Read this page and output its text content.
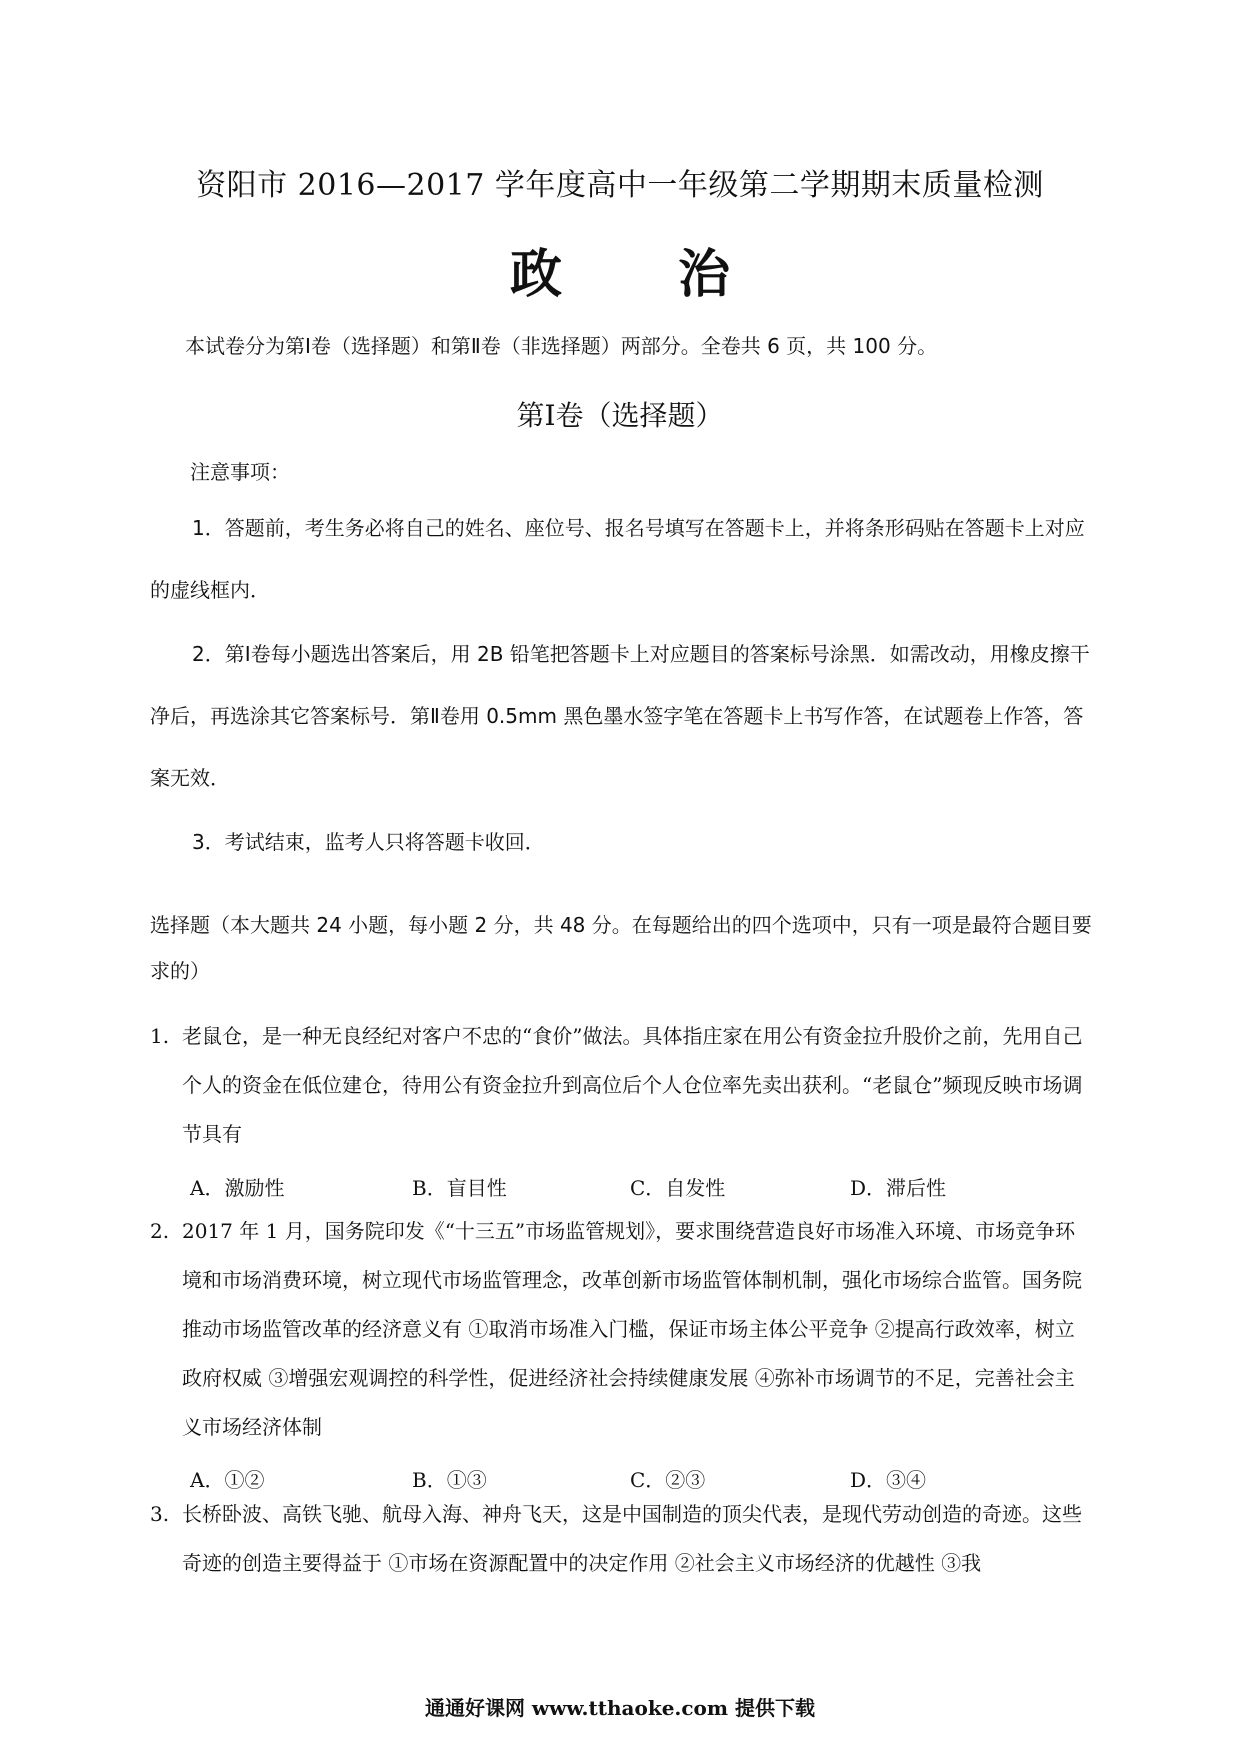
资阳市 2016—2017 学年度高中一年级第二学期期末质量检测
政 治
本试卷分为第Ⅰ卷（选择题）和第Ⅱ卷（非选择题）两部分。全卷共 6 页，共 100 分。
第Ⅰ卷（选择题）
注意事项：
1．答题前，考生务必将自己的姓名、座位号、报名号填写在答题卡上，并将条形码贴在答题卡上对应的虚线框内．
2．第Ⅰ卷每小题选出答案后，用 2B 铅笔把答题卡上对应题目的答案标号涂黑．如需改动，用橡皮擦干净后，再选涂其它答案标号．第Ⅱ卷用 0.5mm 黑色墨水签字笔在答题卡上书写作答，在试题卷上作答，答案无效．
3．考试结束，监考人只将答题卡收回．
选择题（本大题共 24 小题，每小题 2 分，共 48 分。在每题给出的四个选项中，只有一项是最符合题目要求的）
1. 老鼠仓，是一种无良经纪对客户不忠的“食价”做法。具体指庄家在用公有资金拉升股价之前，先用自己个人的资金在低位建仓，待用公有资金拉升到高位后个人仓位率先卖出获利。“老鼠仓”频现反映市场调节具有
A．激励性	B．盲目性	C．自发性	D．滞后性
2. 2017 年 1 月，国务院印发《“十三五”市场监管规划》，要求围绕营造良好市场准入环境、市场竞争环境和市场消费环境，树立现代市场监管理念，改革创新市场监管体制机制，强化市场综合监管。国务院推动市场监管改革的经济意义有 ①取消市场准入门槛，保证市场主体公平竞争 ②提高行政效率，树立政府权威 ③增强宏观调控的科学性，促进经济社会持续健康发展 ④弥补市场调节的不足，完善社会主义市场经济体制
A．①②	B．①③	C．②③	D．③④
3. 长桥卧波、高铁飞驰、航母入海、神舟飞天，这是中国制造的顶尖代表，是现代劳动创造的奇迹。这些奇迹的创造主要得益于 ①市场在资源配置中的决定作用 ②社会主义市场经济的优越性 ③我
通通好课网 www.tthaoke.com 提供下载
